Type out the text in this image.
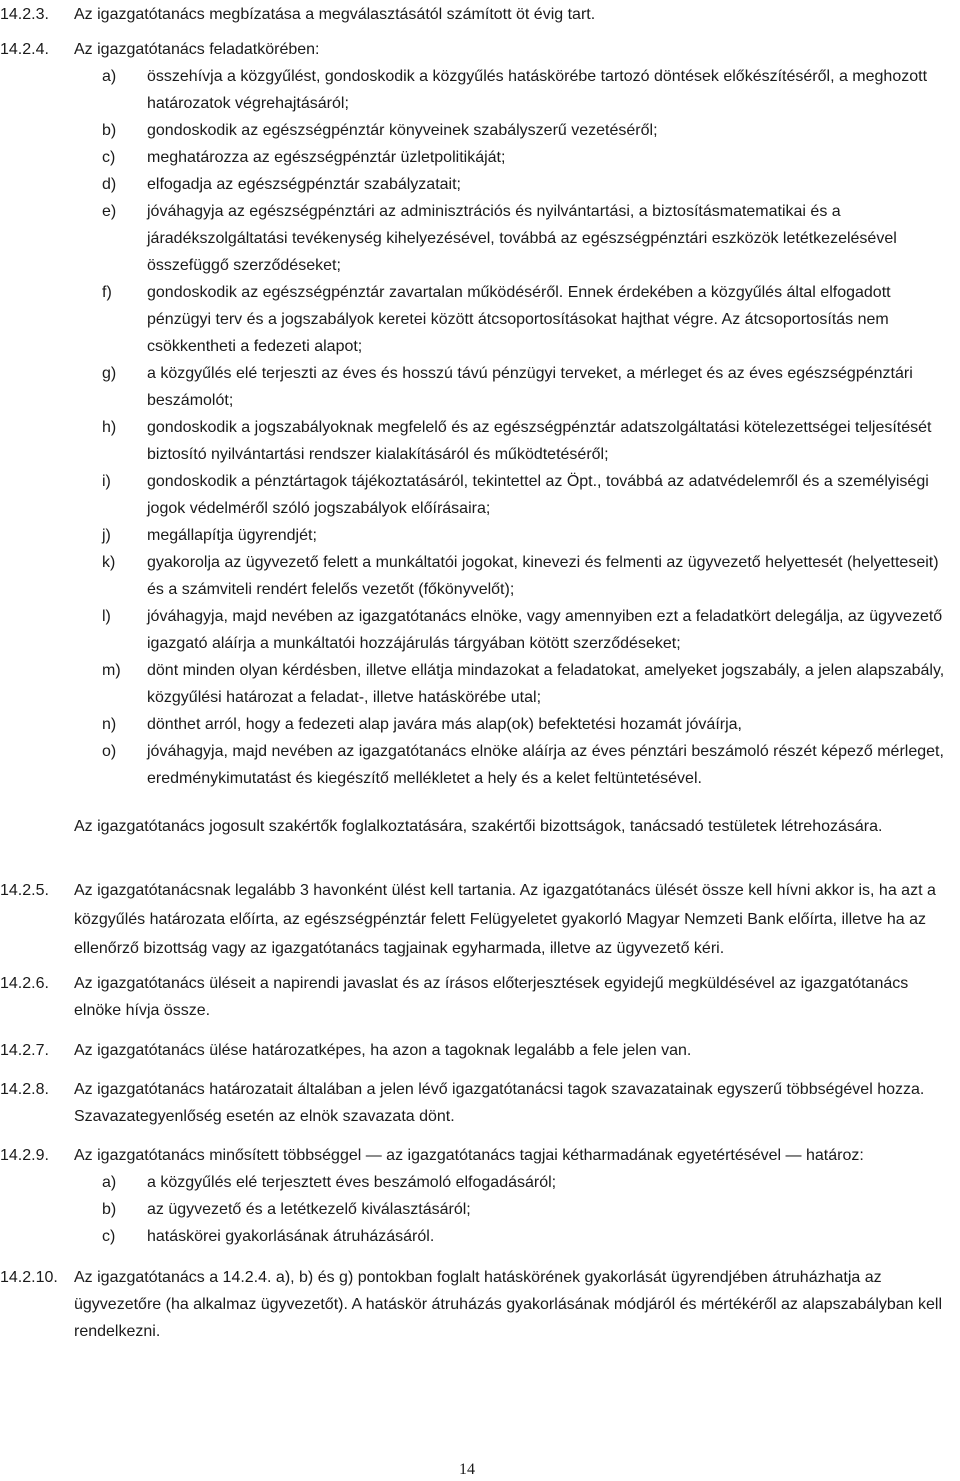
14.2.3. Az igazgatótanács megbízatása a megválasztásától számított öt évig tart.

14.2.4. Az igazgatótanács feladatkörében:

a) összehívja a közgyűlést, gondoskodik a közgyűlés hatáskörébe tartozó döntések előkészítéséről, a meghozott határozatok végrehajtásáról;
b) gondoskodik az egészségpénztár könyveinek szabályszerű vezetéséről;
c) meghatározza az egészségpénztár üzletpolitikáját;
d) elfogadja az egészségpénztár szabályzatait;
e) jóváhagyja az egészségpénztári az adminisztrációs és nyilvántartási, a biztosításmatematikai és a járadékszolgáltatási tevékenység kihelyezésével, továbbá az egészségpénztári eszközök letétkezelésével összefüggő szerződéseket;
f) gondoskodik az egészségpénztár zavartalan működéséről. Ennek érdekében a közgyűlés által elfogadott pénzügyi terv és a jogszabályok keretei között átcsoportosításokat hajthat végre. Az átcsoportosítás nem csökkentheti a fedezeti alapot;
g) a közgyűlés elé terjeszti az éves és hosszú távú pénzügyi terveket, a mérleget és az éves egészségpénztári beszámolót;
h) gondoskodik a jogszabályoknak megfelelő és az egészségpénztár adatszolgáltatási kötelezettségei teljesítését biztosító nyilvántartási rendszer kialakításáról és működtetéséről;
i) gondoskodik a pénztártagok tájékoztatásáról, tekintettel az Öpt., továbbá az adatvédelemről és a személyiségi jogok védelméről szóló jogszabályok előírásaira;
j) megállapítja ügyrendjét;
k) gyakorolja az ügyvezető felett a munkáltatói jogokat, kinevezi és felmenti az ügyvezető helyettesét (helyetteseit) és a számviteli rendért felelős vezetőt (főkönyvelőt);
l) jóváhagyja, majd nevében az igazgatótanács elnöke, vagy amennyiben ezt a feladatkört delegálja, az ügyvezető igazgató aláírja a munkáltatói hozzájárulás tárgyában kötött szerződéseket;
m) dönt minden olyan kérdésben, illetve ellátja mindazokat a feladatokat, amelyeket jogszabály, a jelen alapszabály, közgyűlési határozat a feladat-, illetve hatáskörébe utal;
n) dönthet arról, hogy a fedezeti alap javára más alap(ok) befektetési hozamát jóváírja,
o) jóváhagyja, majd nevében az igazgatótanács elnöke aláírja az éves pénztári beszámoló részét képező mérleget, eredménykimutatást és kiegészítő mellékletet a hely és a kelet feltüntetésével.
Az igazgatótanács jogosult szakértők foglalkoztatására, szakértői bizottságok, tanácsadó testületek létrehozására.
14.2.5. Az igazgatótanácsnak legalább 3 havonként ülést kell tartania. Az igazgatótanács ülését össze kell hívni akkor is, ha azt a közgyűlés határozata előírta, az egészségpénztár felett Felügyeletet gyakorló Magyar Nemzeti Bank előírta, illetve ha az ellenőrző bizottság vagy az igazgatótanács tagjainak egyharmada, illetve az ügyvezető kéri.

14.2.6. Az igazgatótanács üléseit a napirendi javaslat és az írásos előterjesztések egyidejű megküldésével az igazgatótanács elnöke hívja össze.

14.2.7. Az igazgatótanács ülése határozatképes, ha azon a tagoknak legalább a fele jelen van.

14.2.8. Az igazgatótanács határozatait általában a jelen lévő igazgatótanácsi tagok szavazatainak egyszerű többségével hozza. Szavazategyenlőség esetén az elnök szavazata dönt.

14.2.9. Az igazgatótanács minősített többséggel — az igazgatótanács tagjai kétharmadának egyetértésével — határoz:

a) a közgyűlés elé terjesztett éves beszámoló elfogadásáról;
b) az ügyvezető és a letétkezelő kiválasztásáról;
c) hatáskörei gyakorlásának átruházásáról.
14.2.10. Az igazgatótanács a 14.2.4. a), b) és g) pontokban foglalt hatáskörének gyakorlását ügyrendjében átruházhatja az ügyvezetőre (ha alkalmaz ügyvezetőt). A hatáskör átruházás gyakorlásának módjáról és mértékéről az alapszabályban kell rendelkezni.

14
